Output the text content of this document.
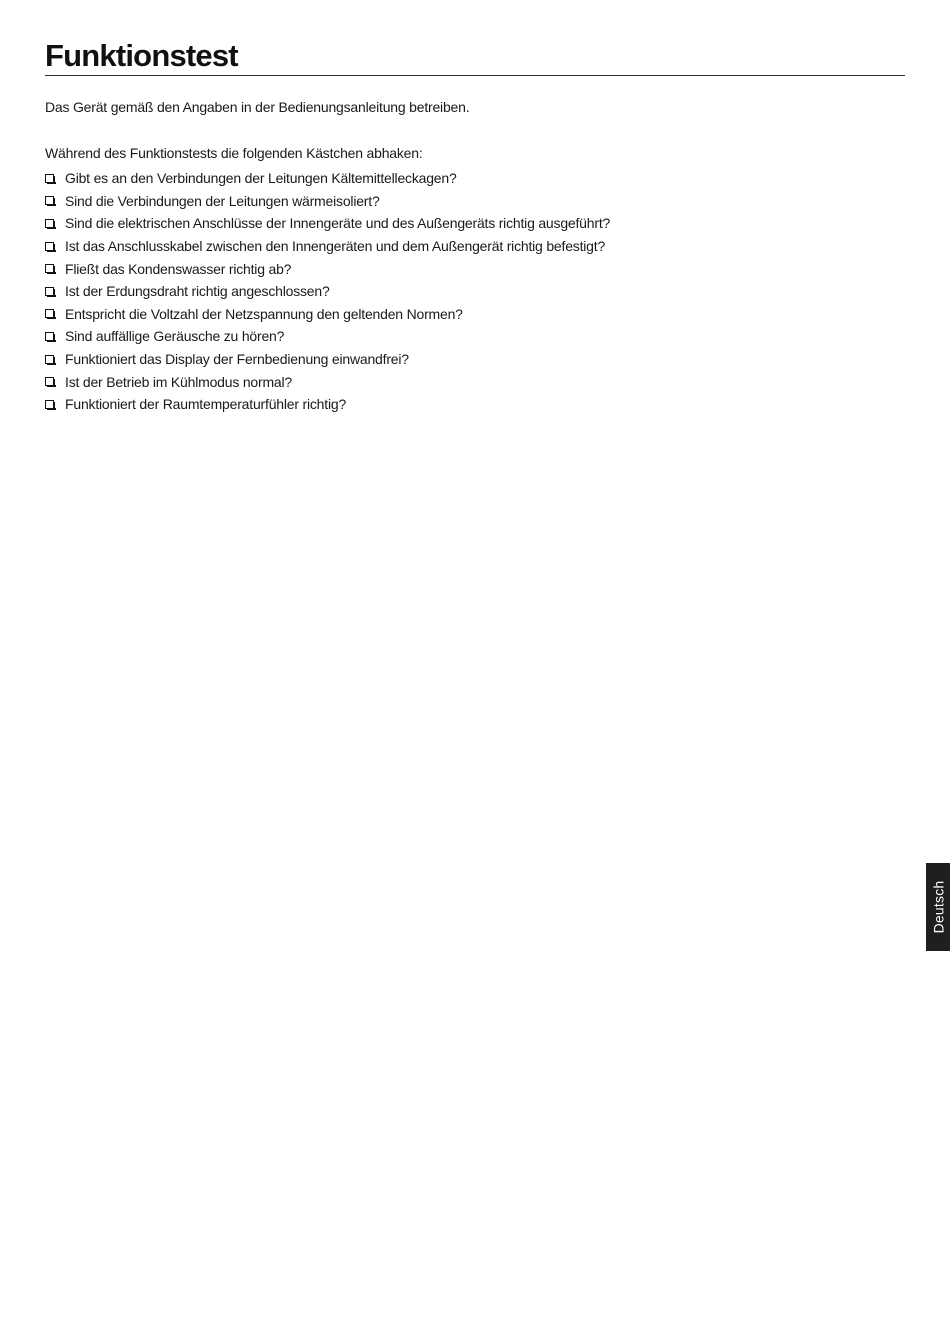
Funktionstest

Das Gerät gemäß den Angaben in der Bedienungsanleitung betreiben.

Während des Funktionstests die folgenden Kästchen abhaken:

Gibt es an den Verbindungen der Leitungen Kältemittelleckagen?
Sind die Verbindungen der Leitungen wärmeisoliert?
Sind die elektrischen Anschlüsse der Innengeräte und des Außengeräts richtig ausgeführt?
Ist das Anschlusskabel zwischen den Innengeräten und dem Außengerät richtig befestigt?
Fließt das Kondenswasser richtig ab?
Ist der Erdungsdraht richtig angeschlossen?
Entspricht die Voltzahl der Netzspannung den geltenden Normen?
Sind auffällige Geräusche zu hören?
Funktioniert das Display der Fernbedienung einwandfrei?
Ist der Betrieb im Kühlmodus normal?
Funktioniert der Raumtemperaturfühler richtig?
Deutsch
